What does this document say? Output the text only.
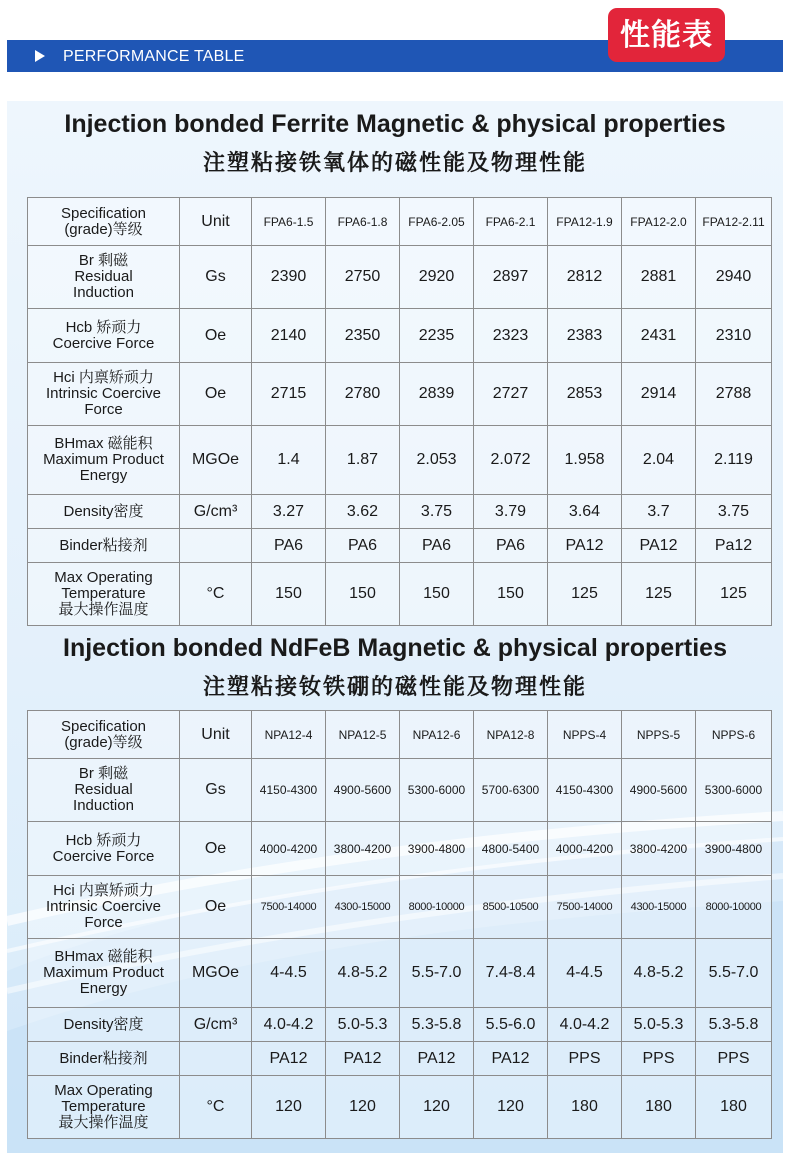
PERFORMANCE TABLE
性能表
Injection bonded Ferrite Magnetic & physical properties
注塑粘接铁氧体的磁性能及物理性能
Specification
(grade)等级	Unit	FPA6-1.5	FPA6-1.8	FPA6-2.05	FPA6-2.1	FPA12-1.9	FPA12-2.0	FPA12-2.11

Br 剩磁
Residual
Induction	Gs	2390	2750	2920	2897	2812	2881	2940

Hcb 矫顽力
Coercive Force	Oe	2140	2350	2235	2323	2383	2431	2310

Hci 内禀矫顽力
Intrinsic Coercive
Force	Oe	2715	2780	2839	2727	2853	2914	2788

BHmax 磁能积
Maximum Product
Energy	MGOe	1.4	1.87	2.053	2.072	1.958	2.04	2.119

Density密度	G/cm³	3.27	3.62	3.75	3.79	3.64	3.7	3.75

Binder粘接剂		PA6	PA6	PA6	PA6	PA12	PA12	Pa12

Max Operating
Temperature
最大操作温度	°C	150	150	150	150	125	125	125
Injection bonded NdFeB Magnetic & physical properties
注塑粘接钕铁硼的磁性能及物理性能
Specification
(grade)等级	Unit	NPA12-4	NPA12-5	NPA12-6	NPA12-8	NPPS-4	NPPS-5	NPPS-6

Br 剩磁
Residual
Induction	Gs	4150-4300	4900-5600	5300-6000	5700-6300	4150-4300	4900-5600	5300-6000

Hcb 矫顽力
Coercive Force	Oe	4000-4200	3800-4200	3900-4800	4800-5400	4000-4200	3800-4200	3900-4800

Hci 内禀矫顽力
Intrinsic Coercive
Force	Oe	7500-14000	4300-15000	8000-10000	8500-10500	7500-14000	4300-15000	8000-10000

BHmax 磁能积
Maximum Product
Energy	MGOe	4-4.5	4.8-5.2	5.5-7.0	7.4-8.4	4-4.5	4.8-5.2	5.5-7.0

Density密度	G/cm³	4.0-4.2	5.0-5.3	5.3-5.8	5.5-6.0	4.0-4.2	5.0-5.3	5.3-5.8

Binder粘接剂		PA12	PA12	PA12	PA12	PPS	PPS	PPS

Max Operating
Temperature
最大操作温度	°C	120	120	120	120	180	180	180
